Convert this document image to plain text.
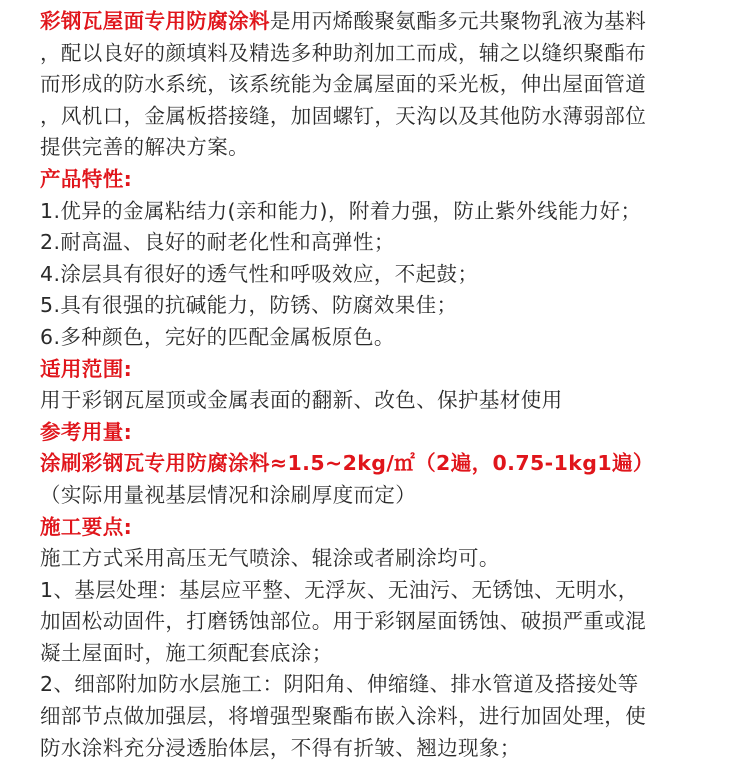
彩钢瓦屋面专用防腐涂料是用丙烯酸聚氨酯多元共聚物乳液为基料
，配以良好的颜填料及精选多种助剂加工而成，辅之以缝织聚酯布
而形成的防水系统，该系统能为金属屋面的采光板，伸出屋面管道
，风机口，金属板搭接缝，加固螺钉，天沟以及其他防水薄弱部位
提供完善的解决方案。
产品特性:
1.优异的金属粘结力(亲和能力)，附着力强，防止紫外线能力好；
2.耐高温、良好的耐老化性和高弹性；
4.涂层具有很好的透气性和呼吸效应，不起鼓；
5.具有很强的抗碱能力，防锈、防腐效果佳；
6.多种颜色，完好的匹配金属板原色。
适用范围:
用于彩钢瓦屋顶或金属表面的翻新、改色、保护基材使用
参考用量:
涂刷彩钢瓦专用防腐涂料≈1.5~2kg/㎡（2遍，0.75-1kg1遍）
（实际用量视基层情况和涂刷厚度而定）
施工要点:
施工方式采用高压无气喷涂、辊涂或者刷涂均可。
1、基层处理：基层应平整、无浮灰、无油污、无锈蚀、无明水，
加固松动固件，打磨锈蚀部位。用于彩钢屋面锈蚀、破损严重或混
凝土屋面时，施工须配套底涂；
2、细部附加防水层施工：阴阳角、伸缩缝、排水管道及搭接处等
细部节点做加强层，将增强型聚酯布嵌入涂料，进行加固处理，使
防水涂料充分浸透胎体层，不得有折皱、翘边现象；
